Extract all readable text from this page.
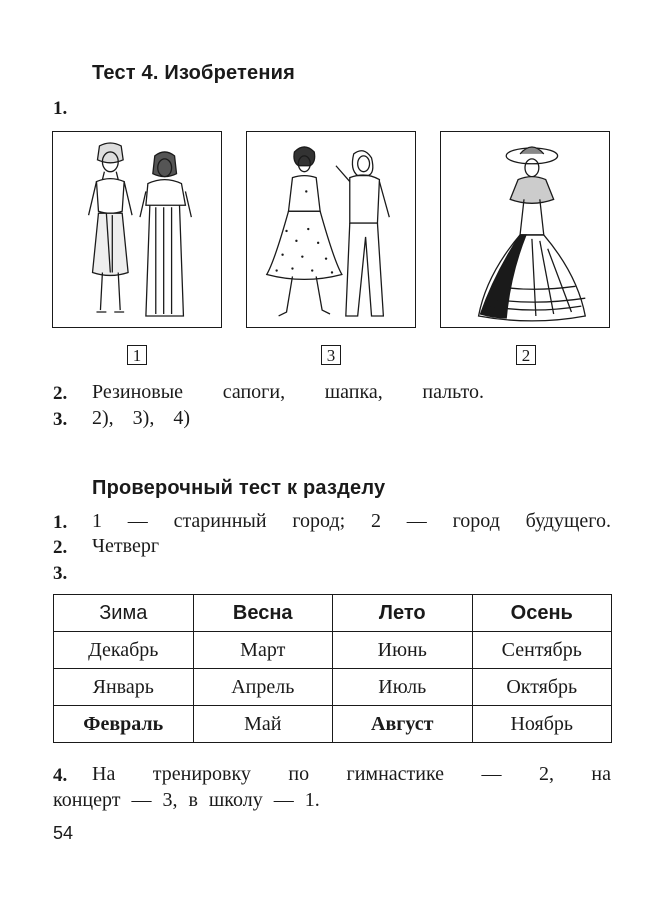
Тест 4. Изобретения
1.
1	3	2
2. Резиновые сапоги, шапка, пальто.
3. 2), 3), 4)
Проверочный тест к разделу
1. 1 — старинный город; 2 — город будущего.
2. Четверг
3.
Зима	Весна	Лето	Осень
Декабрь	Март	Июнь	Сентябрь
Январь	Апрель	Июль	Октябрь
Февраль	Май	Август	Ноябрь
4. На тренировку по гимнастике — 2, на
концерт — 3, в школу — 1.
54
